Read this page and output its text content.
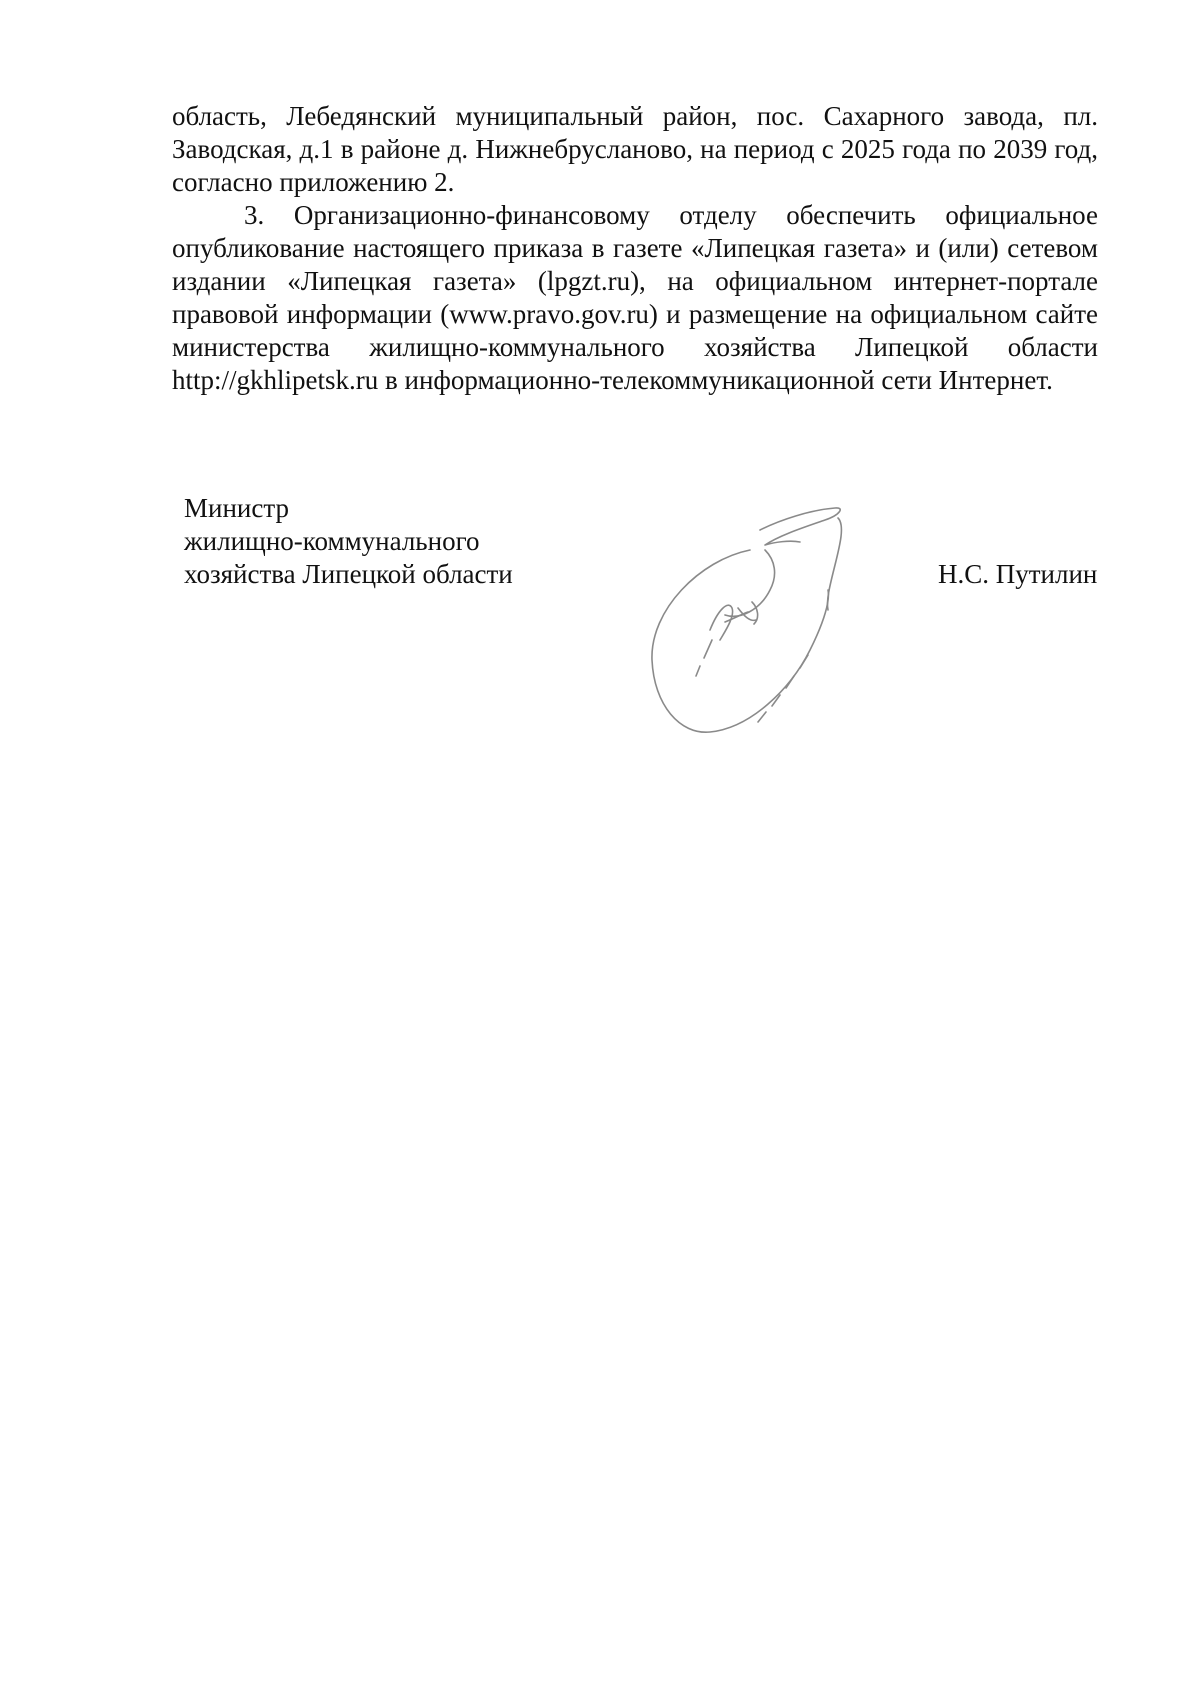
область, Лебедянский муниципальный район, пос. Сахарного завода, пл. Заводская, д.1 в районе д. Нижнебрусланово, на период с 2025 года по 2039 год, согласно приложению 2.

3. Организационно-финансовому отделу обеспечить официальное опубликование настоящего приказа в газете «Липецкая газета» и (или) сетевом издании «Липецкая газета» (lpgzt.ru), на официальном интернет-портале правовой информации (www.pravo.gov.ru) и размещение на официальном сайте министерства жилищно-коммунального хозяйства Липецкой области http://gkhlipetsk.ru в информационно-телекоммуникационной сети Интернет.

Министр
жилищно-коммунального
хозяйства Липецкой области	Н.С. Путилин
